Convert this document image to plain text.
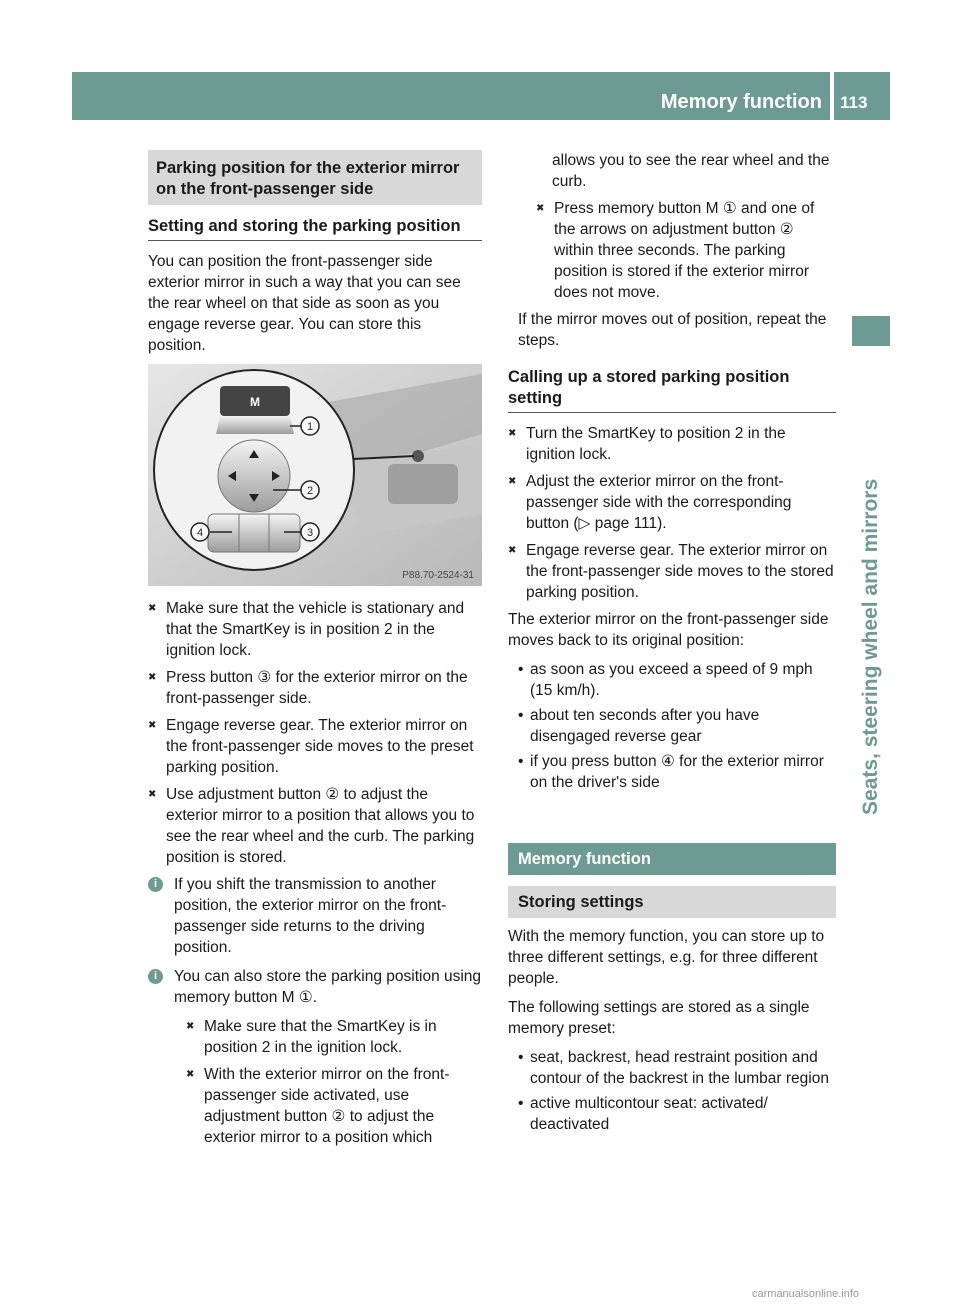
Memory function 113
Seats, steering wheel and mirrors
Parking position for the exterior mirror on the front-passenger side
Setting and storing the parking position

You can position the front-passenger side exterior mirror in such a way that you can see the rear wheel on that side as soon as you engage reverse gear. You can store this position.

M
1
2
3
4
P88.70-2524-31
✖ Make sure that the vehicle is stationary and that the SmartKey is in position 2 in the ignition lock.
✖ Press button ③ for the exterior mirror on the front-passenger side.
✖ Engage reverse gear. The exterior mirror on the front-passenger side moves to the preset parking position.
✖ Use adjustment button ② to adjust the exterior mirror to a position that allows you to see the rear wheel and the curb. The parking position is stored.
i	If you shift the transmission to another position, the exterior mirror on the front-passenger side returns to the driving position.
i	You can also store the parking position using memory button M ①.
✖ Make sure that the SmartKey is in position 2 in the ignition lock.
✖ With the exterior mirror on the front-passenger side activated, use adjustment button ② to adjust the exterior mirror to a position which
allows you to see the rear wheel and the curb.
✖ Press memory button M ① and one of the arrows on adjustment button ② within three seconds. The parking position is stored if the exterior mirror does not move.

If the mirror moves out of position, repeat the steps.

Calling up a stored parking position setting
✖ Turn the SmartKey to position 2 in the ignition lock.
✖ Adjust the exterior mirror on the front-passenger side with the corresponding button (▷ page 111).
✖ Engage reverse gear. The exterior mirror on the front-passenger side moves to the stored parking position.

The exterior mirror on the front-passenger side moves back to its original position:

• as soon as you exceed a speed of 9 mph (15 km/h).
• about ten seconds after you have disengaged reverse gear
• if you press button ④ for the exterior mirror on the driver's side
Memory function
Storing settings

With the memory function, you can store up to three different settings, e.g. for three different people.

The following settings are stored as a single memory preset:

• seat, backrest, head restraint position and contour of the backrest in the lumbar region
• active multicontour seat: activated/ deactivated
carmanualsonline.info
